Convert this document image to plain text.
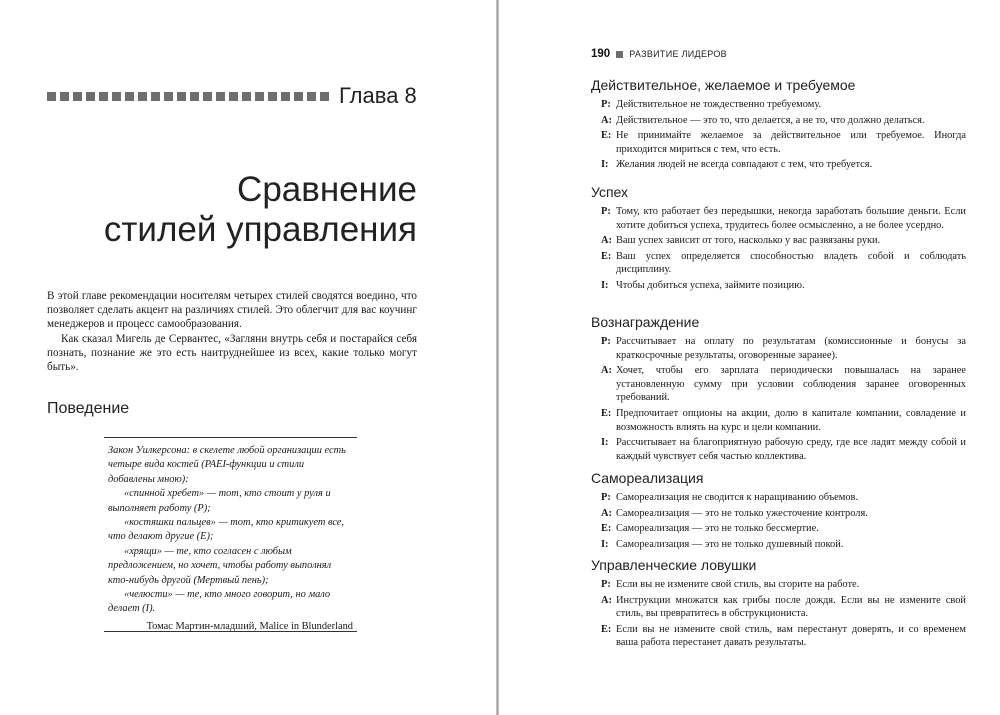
Глава 8
Сравнение
стилей управления

В этой главе рекомендации носителям четырех стилей сводятся воедино, что позволяет сделать акцент на различиях стилей. Это облегчит для вас коучинг менеджеров и процесс самообразования.

Как сказал Мигель де Сервантес, «Загляни внутрь себя и постарайся себя познать, познание же это есть наитруднейшее из всех, какие только могут быть».

Поведение

Закон Уилкерсона: в скелете любой организации есть четыре вида костей (PAEI-функции и стили добавлены мною):

«спинной хребет» — тот, кто стоит у руля и выполняет работу (P);

«костяшки пальцев» — тот, кто критикует все, что делают другие (E);

«хрящи» — те, кто согласен с любым предложением, но хочет, чтобы работу выполнял кто-нибудь другой (Мертвый пень);

«челюсти» — те, кто много говорит, но мало делает (I).

Томас Мартин-младший, Malice in Blunderland

190 РАЗВИТИЕ ЛИДЕРОВ
Действительное, желаемое и требуемое
P: Действительное не тождественно требуемому.
A: Действительное — это то, что делается, а не то, что должно делаться.
E: Не принимайте желаемое за действительное или требуемое. Иногда приходится мириться с тем, что есть.
I: Желания людей не всегда совпадают с тем, что требуется.
Успех
P: Тому, кто работает без передышки, некогда заработать большие деньги. Если хотите добиться успеха, трудитесь более осмысленно, а не более усердно.
A: Ваш успех зависит от того, насколько у вас развязаны руки.
E: Ваш успех определяется способностью владеть собой и соблюдать дисциплину.
I: Чтобы добиться успеха, займите позицию.
Вознаграждение
P: Рассчитывает на оплату по результатам (комиссионные и бонусы за краткосрочные результаты, оговоренные заранее).
A: Хочет, чтобы его зарплата периодически повышалась на заранее установленную сумму при условии соблюдения заранее оговоренных требований.
E: Предпочитает опционы на акции, долю в капитале компании, совладение и возможность влиять на курс и цели компании.
I: Рассчитывает на благоприятную рабочую среду, где все ладят между собой и каждый чувствует себя частью коллектива.
Самореализация
P: Самореализация не сводится к наращиванию объемов.
A: Самореализация — это не только ужесточение контроля.
E: Самореализация — это не только бессмертие.
I: Самореализация — это не только душевный покой.
Управленческие ловушки
P: Если вы не измените свой стиль, вы сгорите на работе.
A: Инструкции множатся как грибы после дождя. Если вы не измените свой стиль, вы превратитесь в обструкциониста.
E: Если вы не измените свой стиль, вам перестанут доверять, и со временем ваша работа перестанет давать результаты.
